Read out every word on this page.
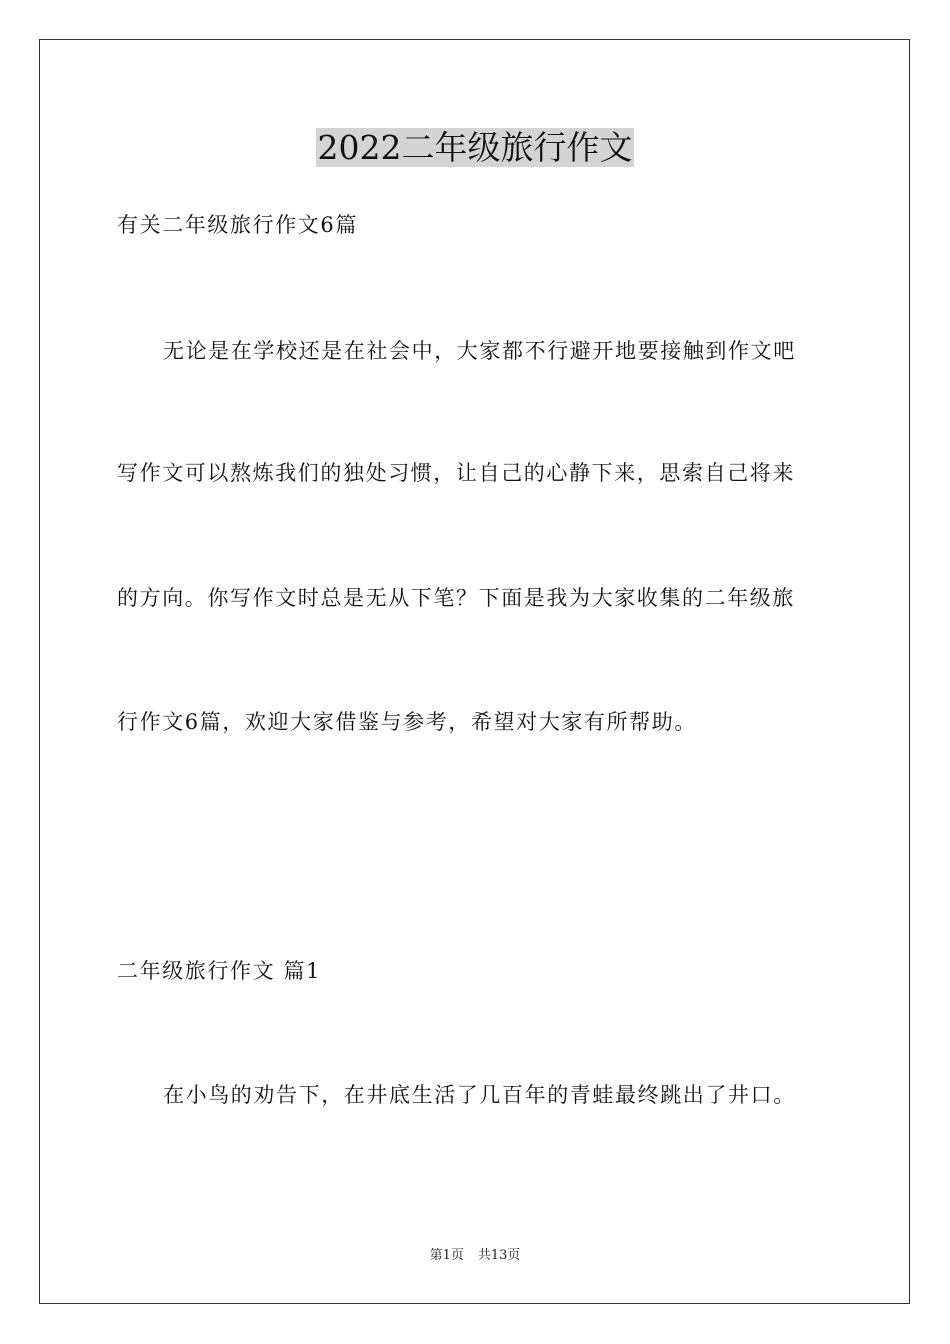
2022二年级旅行作文
有关二年级旅行作文6篇
无论是在学校还是在社会中，大家都不行避开地要接触到作文吧
写作文可以熬炼我们的独处习惯，让自己的心静下来，思索自己将来
的方向。你写作文时总是无从下笔？下面是我为大家收集的二年级旅
行作文6篇，欢迎大家借鉴与参考，希望对大家有所帮助。
二年级旅行作文 篇1
在小鸟的劝告下，在井底生活了几百年的青蛙最终跳出了井口。
第1页 共13页
